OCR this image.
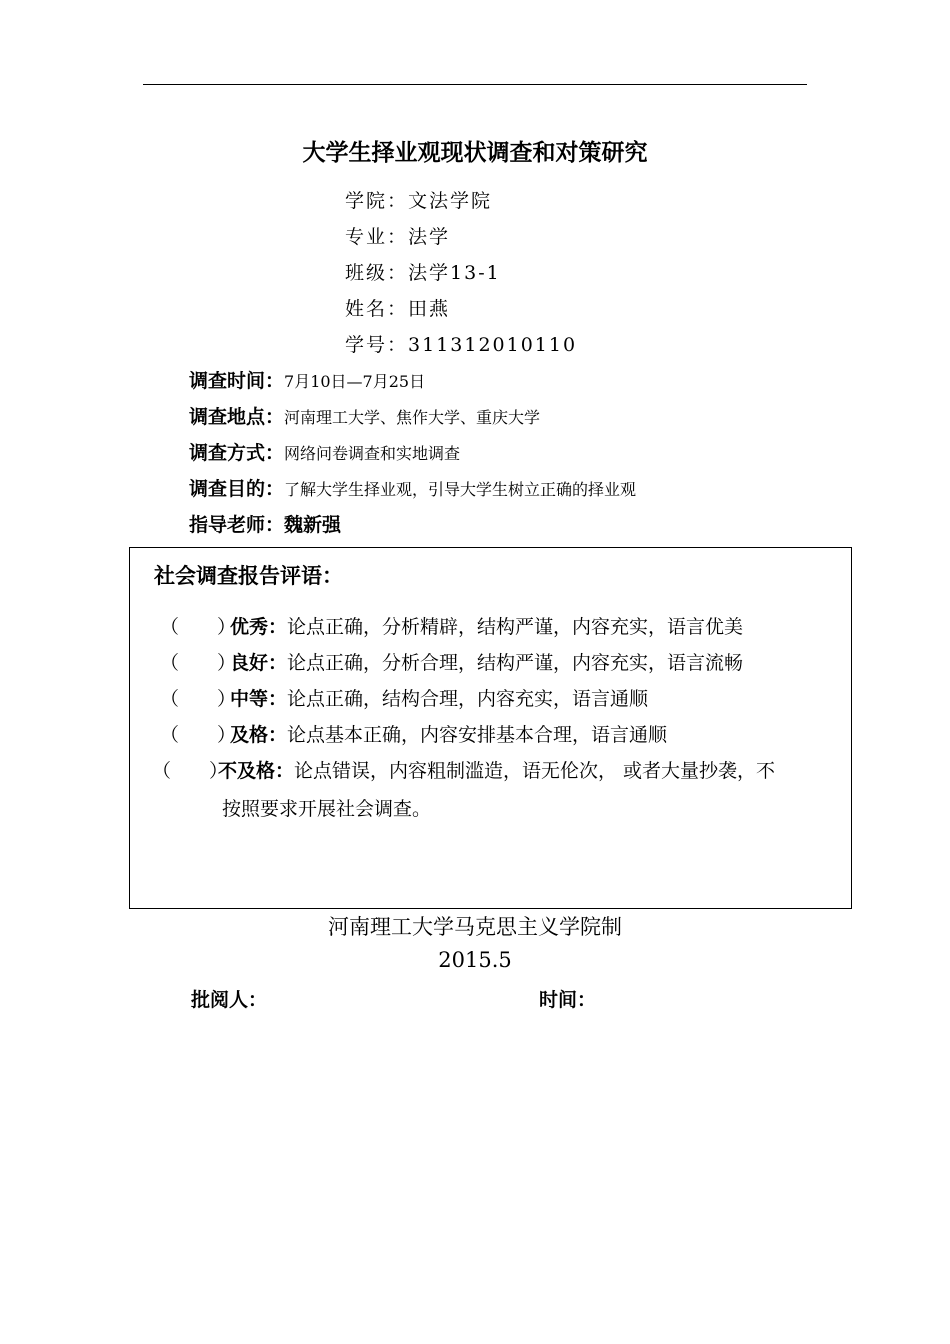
大学生择业观现状调查和对策研究
学院：文法学院
专业：法学
班级：法学13-1
姓名：田燕
学号：311312010110
调查时间：7月10日—7月25日
调查地点：河南理工大学、焦作大学、重庆大学
调查方式：网络问卷调查和实地调查
调查目的：了解大学生择业观，引导大学生树立正确的择业观
指导老师：魏新强
社会调查报告评语：
（　　）优秀：论点正确，分析精辟，结构严谨，内容充实，语言优美
（　　）良好：论点正确，分析合理，结构严谨，内容充实，语言流畅
（　　）中等：论点正确，结构合理，内容充实，语言通顺
（　　）及格：论点基本正确，内容安排基本合理，语言通顺
（　　）不及格：论点错误，内容粗制滥造，语无伦次， 或者大量抄袭，不
按照要求开展社会调查。
河南理工大学马克思主义学院制
2015.5
批阅人：	时间：
